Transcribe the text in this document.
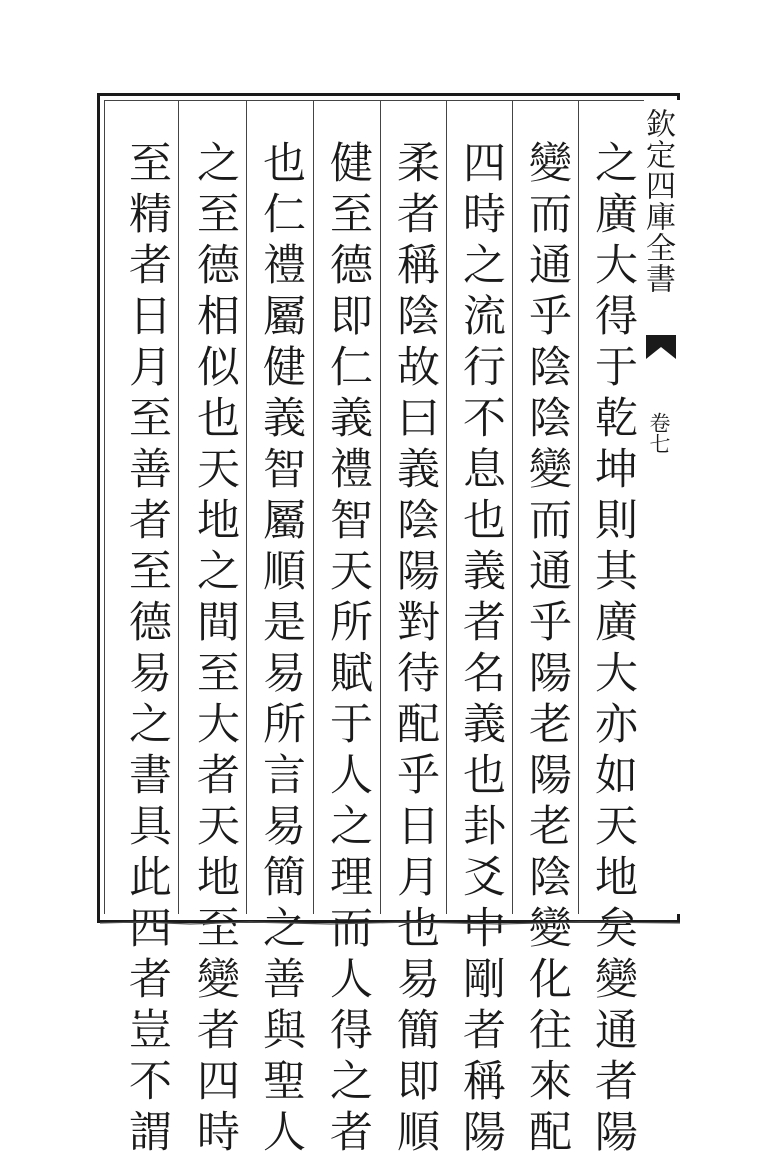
之廣大得于乾坤則其廣大亦如天地矣變通者陽
變而通乎陰陰變而通乎陽老陽老陰變化往來配
四時之流行不息也義者名義也卦爻中剛者稱陽
柔者稱陰故曰義陰陽對待配乎日月也易簡即順
健至德即仁義禮智天所賦于人之理而人得之者
也仁禮屬健義智屬順是易所言易簡之善與聖人
之至德相似也天地之間至大者天地至變者四時
至精者日月至善者至德易之書具此四者豈不謂	欽定四庫全書
卷七
